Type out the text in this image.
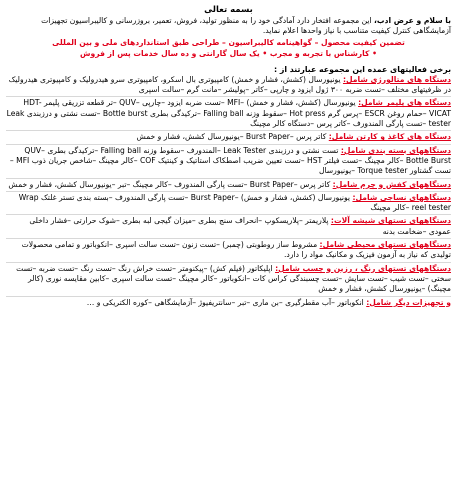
بسمه تعالی

با سلام و عرض ادب، این مجموعه افتخار دارد آمادگی خود را به منظور تولید، فروش، تعمیر، بروزرسانی و کالیبراسیون تجهیزات آزمایشگاهی کنترل کیفیت متناسب با نیاز واحدها اعلام نماید.

تضمین کیفیت محصول – گواهینامه کالیبراسیون – طراحی طبق استانداردهای ملی و بین المللی

• کارشناس با تجربه و مجرب • یک سال گارانتی و ده سال خدمات پس از فروش

برخی فعالیتهای عمده این مجموعه عبارتند از :

دستگاه های متالورژی شامل: یونیورسال (کشش، فشار و خمش) کامپیوتری بال اسکرو، کامپیوتری سرو هیدرولیک و کامپیوتری هیدرولیک در ظرفیتهای مختلف –تست ضربه ۳۰۰ ژول ایزود و چارپی –کاتر –پولیشر –مانت گرم –سالت اسپری

دستگاه های پلیمر شامل: یونیورسال (کشش، فشار و خمش) –MFI –تست ضربه ایزود –چارپی –QUV –تر قطعه تزریقی پلیمر HDT-VICAT –حمام روغن ESCR –پرس گرم Hot press –سقوط وزنه Falling ball –ترکیدگی بطری Bottle burst –تست نشتی و درزبندی Leak tester –تست پارگی المندورف –کاتر پرس –دستگاه کالر مچینگ

دستگاه های کاغذ و کارتن شامل: کاتر پرس –Burst Paper –یونیورسال کشش، فشار و خمش

دستگاههای بسته بندی شامل: تست نشتی و درزبندی Leak Tester –المندورف –سقوط وزنه Falling ball –ترکیدگی بطری QUV– Bottle Burst –کالر مچینگ –تست فیلتر HST –تست تعیین ضریب اصطکاک استاتیک و کینتیک COF –کالر مچینگ –شاخص جریان ذوب MFI –تست گشتاور Torque tester –یونیورسال

دستگاههای کفش و چرم شامل: کاتر پرس –Burst Paper –تست پارگی المندورف –کالر مچینگ –تبر –یونیورسال کشش، فشار و خمش

دستگاههای نساجی شامل: یونیورسال (کشش، فشار و خمش) –Burst Paper –تست پارگی المندورف –بسته بندی تستر غلتک Wrap reel tester –کالر مچینگ

دستگاههای تستهای شیشه آلات: پلاریمتر –پلاریسکوپ –انحراف سنج بطری –میزان گیجی لبه بطری –شوک حرارتی –فشار داخلی عمودی –ضخامت بدنه

دستگاههای تستهای محیطی شامل: مشروط ساز روطوبتی (چمبر) –تست زنون –تست سالت اسپری –انکوباتور و تمامی محصولات تولیدی که نیاز به آزمون فیزیک و مکانیک مواد را دارد.

دستگاههای تستهای رنگ ، رزین و چسب شامل: اپلیکاتور (فیلم کش) –پیکنومتر –تست خراش رنگ –تست رنگ –تست ضربه –تست سختی –تست شیب –تست سایش –تست چسبندگی کراس کات –انکوباتور –کالر مچینگ –تست سالت اسپری –کابین مقایسه نوری (کالر مچینگ) –یونیورسال کشش، فشار و خمش

و تجهیزات دیگر شامل: انکوباتور –آب مقطرگیری –بن ماری –تبر –سانتریفیوژ –آزمایشگاهی –کوره الکتریکی و …
